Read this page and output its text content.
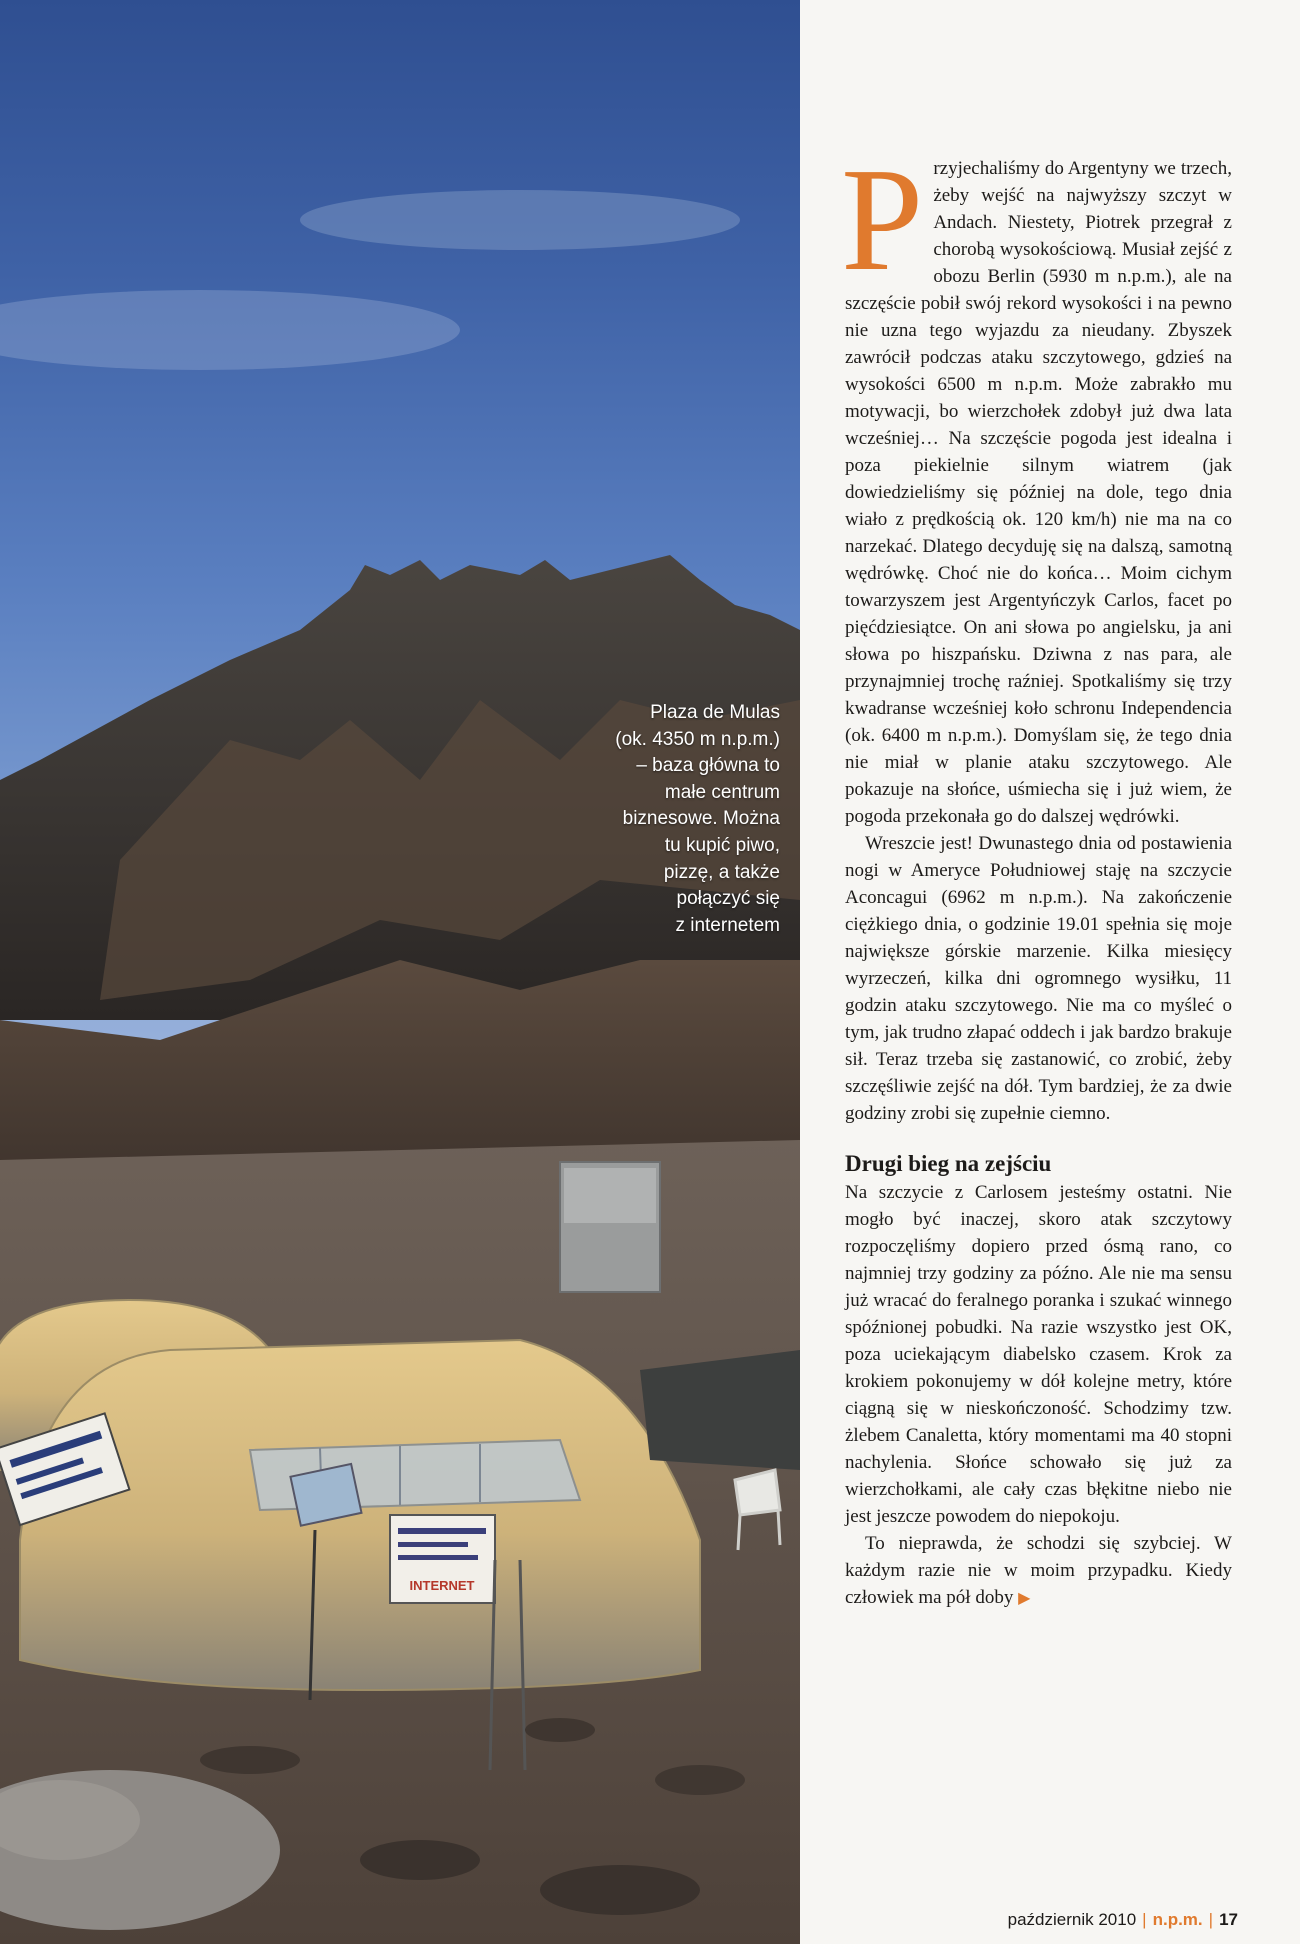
INTERNET
Plaza de Mulas
(ok. 4350 m n.p.m.)
– baza główna to
małe centrum
biznesowe. Można
tu kupić piwo,
pizzę, a także
połączyć się
z internetem

Przyjechaliśmy do Argentyny we trzech, żeby wejść na najwyższy szczyt w Andach. Niestety, Piotrek przegrał z chorobą wysokościową. Musiał zejść z obozu Berlin (5930 m n.p.m.), ale na szczęście pobił swój rekord wysokości i na pewno nie uzna tego wyjazdu za nieudany. Zbyszek zawrócił podczas ataku szczytowego, gdzieś na wysokości 6500 m n.p.m. Może zabrakło mu motywacji, bo wierzchołek zdobył już dwa lata wcześniej… Na szczęście pogoda jest idealna i poza piekielnie silnym wiatrem (jak dowiedzieliśmy się później na dole, tego dnia wiało z prędkością ok. 120 km/h) nie ma na co narzekać. Dlatego decyduję się na dalszą, samotną wędrówkę. Choć nie do końca… Moim cichym towarzyszem jest Argentyńczyk Carlos, facet po pięćdziesiątce. On ani słowa po angielsku, ja ani słowa po hiszpańsku. Dziwna z nas para, ale przynajmniej trochę raźniej. Spotkaliśmy się trzy kwadranse wcześniej koło schronu Independencia (ok. 6400 m n.p.m.). Domyślam się, że tego dnia nie miał w planie ataku szczytowego. Ale pokazuje na słońce, uśmiecha się i już wiem, że pogoda przekonała go do dalszej wędrówki.

Wreszcie jest! Dwunastego dnia od postawienia nogi w Ameryce Południowej staję na szczycie Aconcagui (6962 m n.p.m.). Na zakończenie ciężkiego dnia, o godzinie 19.01 spełnia się moje największe górskie marzenie. Kilka miesięcy wyrzeczeń, kilka dni ogromnego wysiłku, 11 godzin ataku szczytowego. Nie ma co myśleć o tym, jak trudno złapać oddech i jak bardzo brakuje sił. Teraz trzeba się zastanowić, co zrobić, żeby szczęśliwie zejść na dół. Tym bardziej, że za dwie godziny zrobi się zupełnie ciemno.

Drugi bieg na zejściu

Na szczycie z Carlosem jesteśmy ostatni. Nie mogło być inaczej, skoro atak szczytowy rozpoczęliśmy dopiero przed ósmą rano, co najmniej trzy godziny za późno. Ale nie ma sensu już wracać do feralnego poranka i szukać winnego spóźnionej pobudki. Na razie wszystko jest OK, poza uciekającym diabelsko czasem. Krok za krokiem pokonujemy w dół kolejne metry, które ciągną się w nieskończoność. Schodzimy tzw. żlebem Canaletta, który momentami ma 40 stopni nachylenia. Słońce schowało się już za wierzchołkami, ale cały czas błękitne niebo nie jest jeszcze powodem do niepokoju.

To nieprawda, że schodzi się szybciej. W każdym razie nie w moim przypadku. Kiedy człowiek ma pół doby ▶

październik 2010 | n.p.m. | 17
